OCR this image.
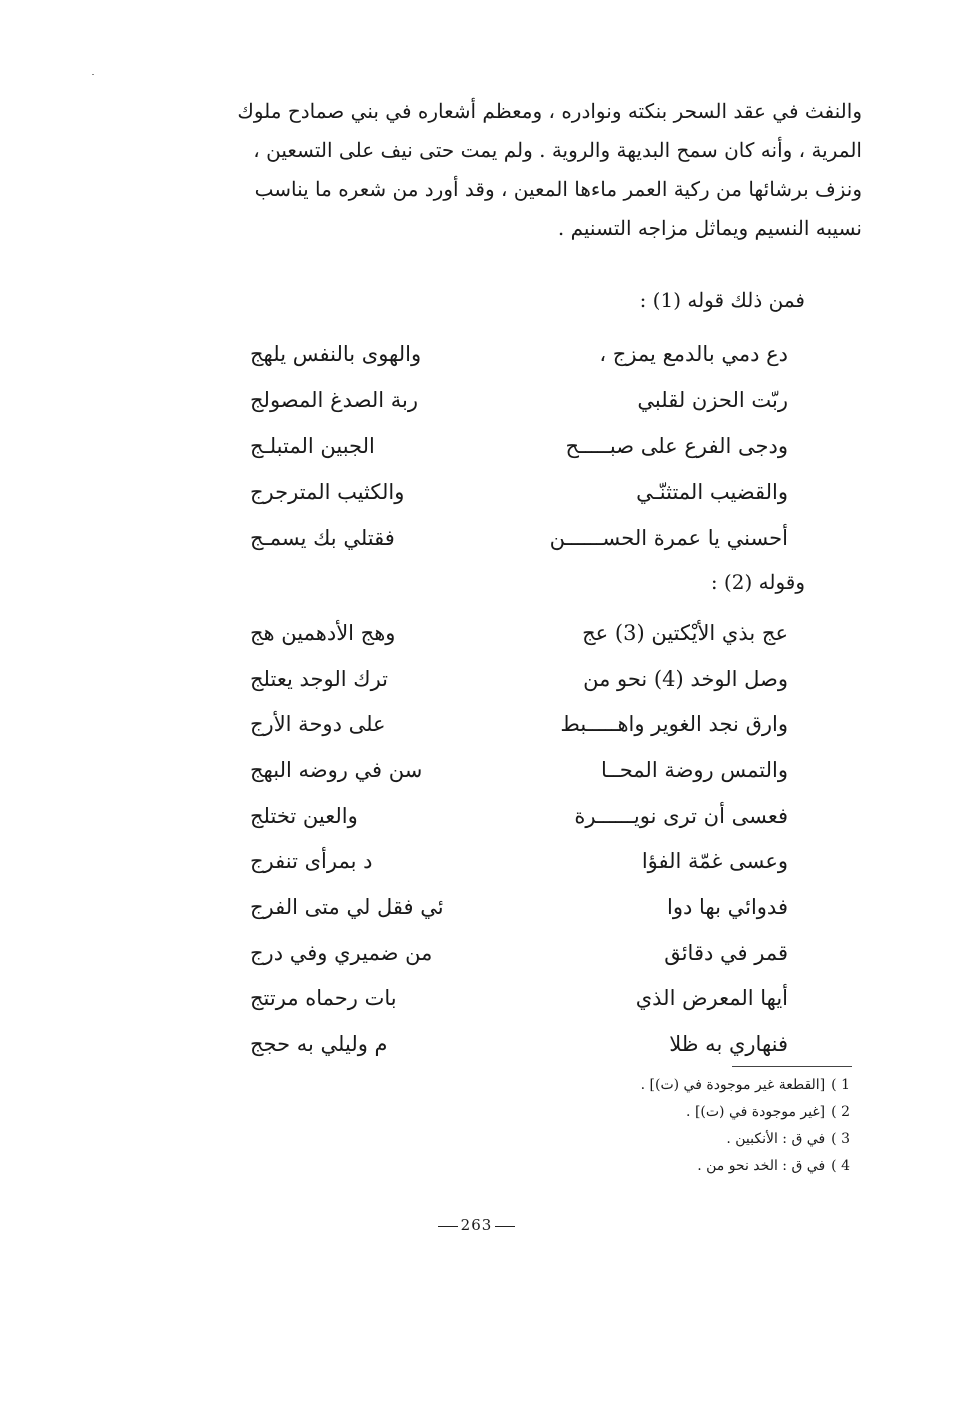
والنفث في عقد السحر بنكته ونوادره ، ومعظم أشعاره في بني صمادح ملوك
المرية ، وأنه كان سمح البديهة والروية . ولم يمت حتى نيف على التسعين ،
ونزف برشائها من ركية العمر ماءها المعين ، وقد أورد من شعره ما يناسب
نسيبه النسيم ويماثل مزاجه التسنيم .
فمن ذلك قوله (1) :
دع دمي بالدمع يمزج ،
والهوى بالنفس يلهج
ربّت الحزن لقلبي
ربة الصدغ المصولج
ودجى الفرع على صبـــــح
الجبين المتبلـج
والقضيب المتثنّـي
والكثيب المترجرج
أحسني يا عمرة الحســــــن
فقتلي بك يسمـج
وقوله (2) :
عج بذي الأيْكتين (3) عج
وهج الأدهمين هج
وصل الوخد (4) نحو من
ترك الوجد يعتلج
وارق نجد الغوير واهـــــبط
على دوحة الأرج
والتمس روضة المحــا
سن في روضه البهج
فعسى أن ترى نويــــــرة
والعين تختلج
وعسى غمّة الفؤا
د بمرأى تنفرج
فدوائي بها دوا
ئي فقل لي متى الفرج
قمر في دقائق
من ضميري وفي درج
أيها المعرض الذي
بات رحماه مرتتج
فنهاري به ظلا
م وليلي به حجج
1 )[القطعة غير موجودة في (ت)] .
2 )[غير موجودة في (ت)] .
3 )في ق : الأنكبين .
4 )في ق : الخد نحو من .
263
